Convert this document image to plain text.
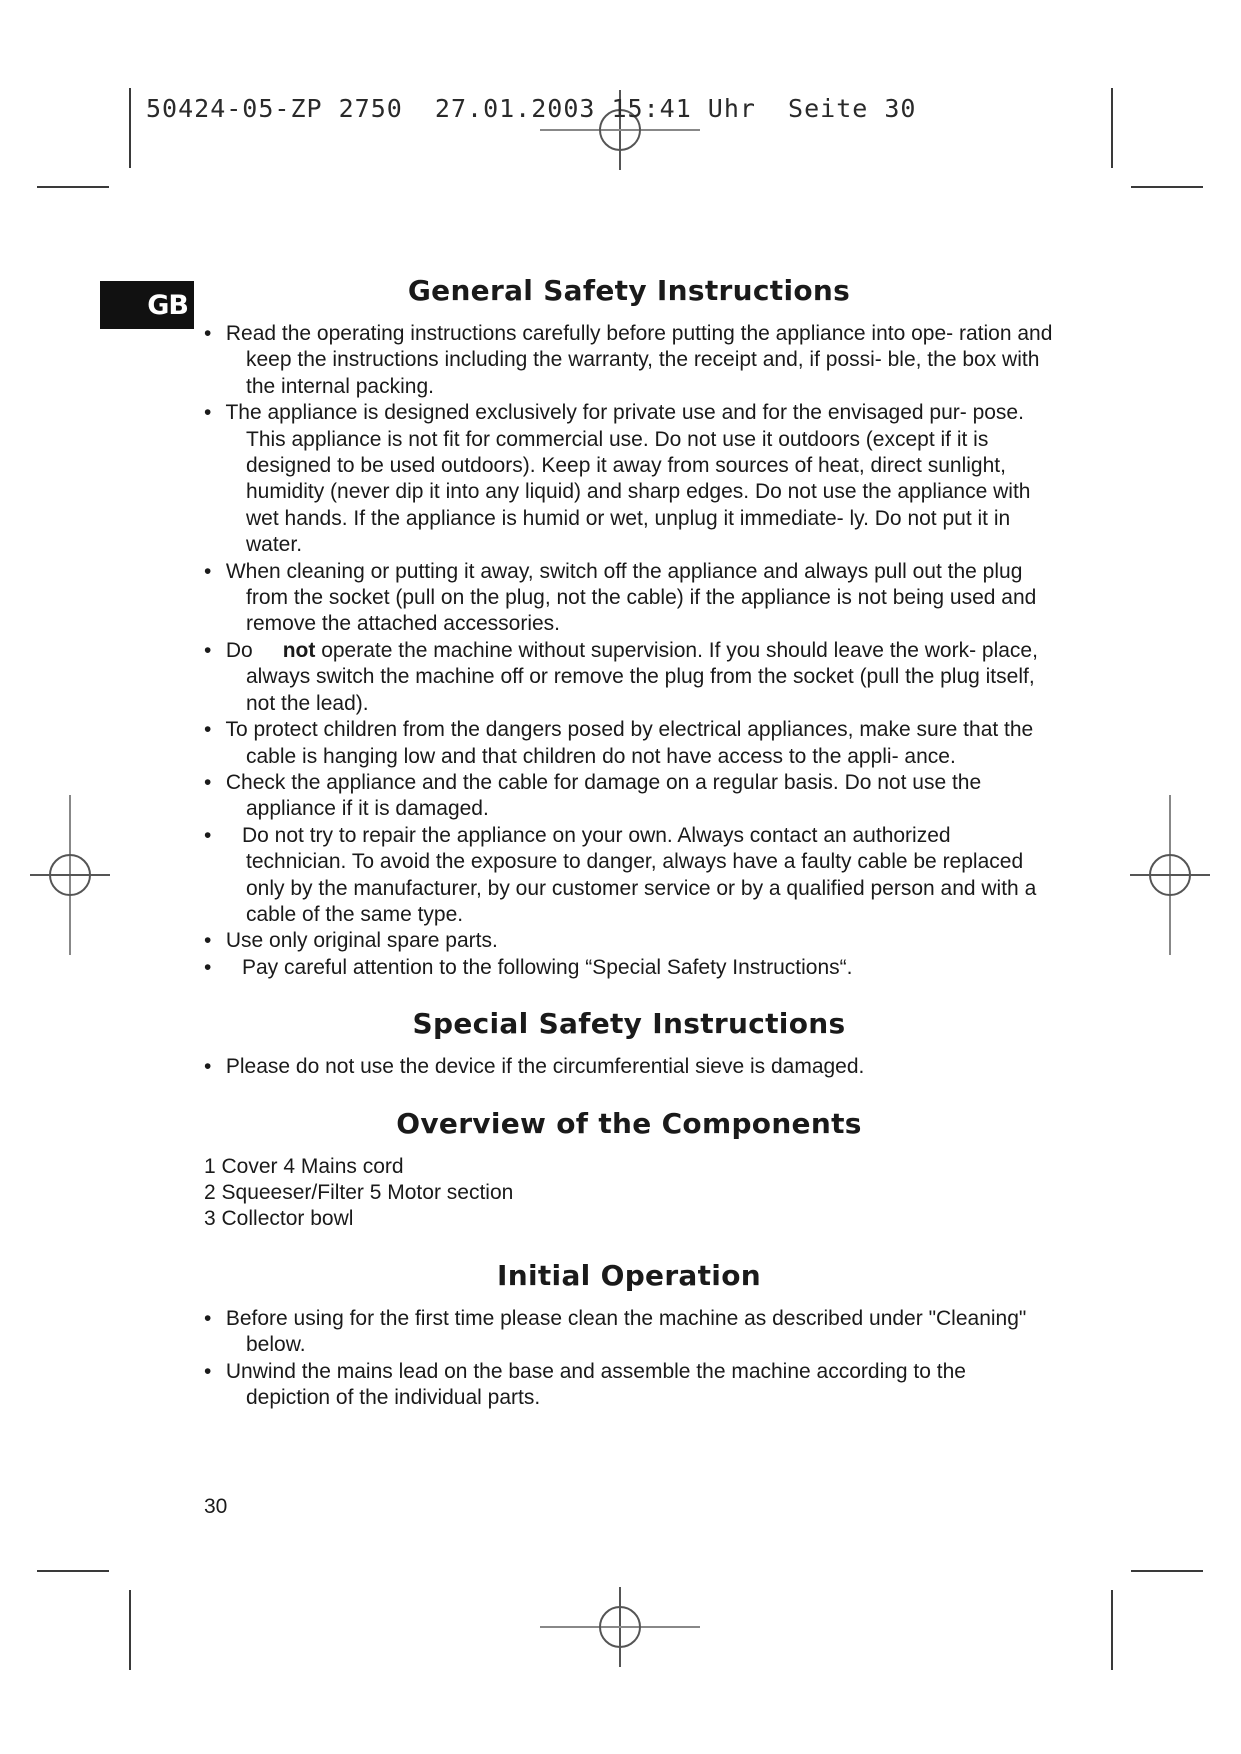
50424-05-ZP 2750  27.01.2003 15:41 Uhr  Seite 30
GB	General Safety Instructions
• Read the operating instructions carefully before putting the appliance into ope- ration and keep the instructions including the warranty, the receipt and, if possi- ble, the box with the internal packing.
• The appliance is designed exclusively for private use and for the envisaged pur- pose. This appliance is not fit for commercial use. Do not use it outdoors (except if it is designed to be used outdoors). Keep it away from sources of heat, direct sunlight, humidity (never dip it into any liquid) and sharp edges. Do not use the appliance with wet hands. If the appliance is humid or wet, unplug it immediate- ly. Do not put it in water.
• When cleaning or putting it away, switch off the appliance and always pull out the plug from the socket (pull on the plug, not the cable) if the appliance is not being used and remove the attached accessories.
• Do not operate the machine without supervision. If you should leave the work- place, always switch the machine off or remove the plug from the socket (pull the plug itself, not the lead).
• To protect children from the dangers posed by electrical appliances, make sure that the cable is hanging low and that children do not have access to the appli- ance.
• Check the appliance and the cable for damage on a regular basis. Do not use the appliance if it is damaged.
• Do not try to repair the appliance on your own. Always contact an authorized technician. To avoid the exposure to danger, always have a faulty cable be replaced only by the manufacturer, by our customer service or by a qualified person and with a cable of the same type.
• Use only original spare parts.
• Pay careful attention to the following “Special Safety Instructions“.
Special Safety Instructions
• Please do not use the device if the circumferential sieve is damaged.
Overview of the Components
1 Cover 4 Mains cord
2 Squeeser/Filter 5 Motor section
3 Collector bowl
Initial Operation
• Before using for the first time please clean the machine as described under "Cleaning" below.
• Unwind the mains lead on the base and assemble the machine according to the depiction of the individual parts.
30
